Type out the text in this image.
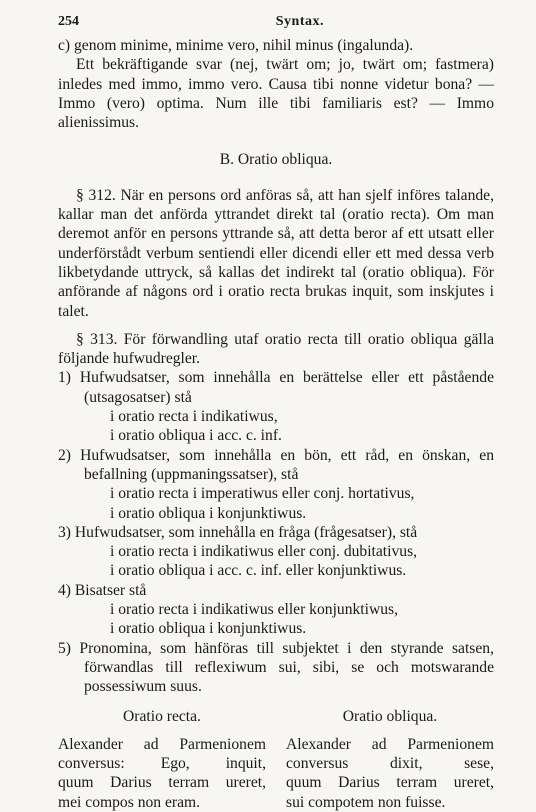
254	Syntax.

c) genom minime, minime vero, nihil minus (ingalunda).

Ett bekräftigande svar (nej, twärt om; jo, twärt om; fastmera) inledes med immo, immo vero. Causa tibi nonne videtur bona? — Immo (vero) optima. Num ille tibi familiaris est? — Immo alienissimus.

B. Oratio obliqua.

§ 312. När en persons ord anföras så, att han sjelf införes talande, kallar man det anförda yttrandet direkt tal (oratio recta). Om man deremot anför en persons yttrande så, att detta beror af ett utsatt eller underförstådt verbum sentiendi eller dicendi eller ett med dessa verb likbetydande uttryck, så kallas det indirekt tal (oratio obliqua). För anförande af någons ord i oratio recta brukas inquit, som inskjutes i talet.

§ 313. För förwandling utaf oratio recta till oratio obliqua gälla följande hufwudregler.

1) Hufwudsatser, som innehålla en berättelse eller ett påstående (utsagosatser) stå

i oratio recta i indikatiwus,

i oratio obliqua i acc. c. inf.

2) Hufwudsatser, som innehålla en bön, ett råd, en önskan, en befallning (uppmaningssatser), stå

i oratio recta i imperatiwus eller conj. hortativus,

i oratio obliqua i konjunktiwus.

3) Hufwudsatser, som innehålla en fråga (frågesatser), stå

i oratio recta i indikatiwus eller conj. dubitativus,

i oratio obliqua i acc. c. inf. eller konjunktiwus.

4) Bisatser stå

i oratio recta i indikatiwus eller konjunktiwus,

i oratio obliqua i konjunktiwus.

5) Pronomina, som hänföras till subjektet i den styrande satsen, förwandlas till reflexiwum sui, sibi, se och motswarande possessiwum suus.

Oratio recta.
Alexander ad Parmenionem
conversus: Ego, inquit,
quum Darius terram ureret,
mei compos non eram.
Oratio obliqua.
Alexander ad Parmenionem
conversus dixit, sese,
quum Darius terram ureret,
sui compotem non fuisse.
